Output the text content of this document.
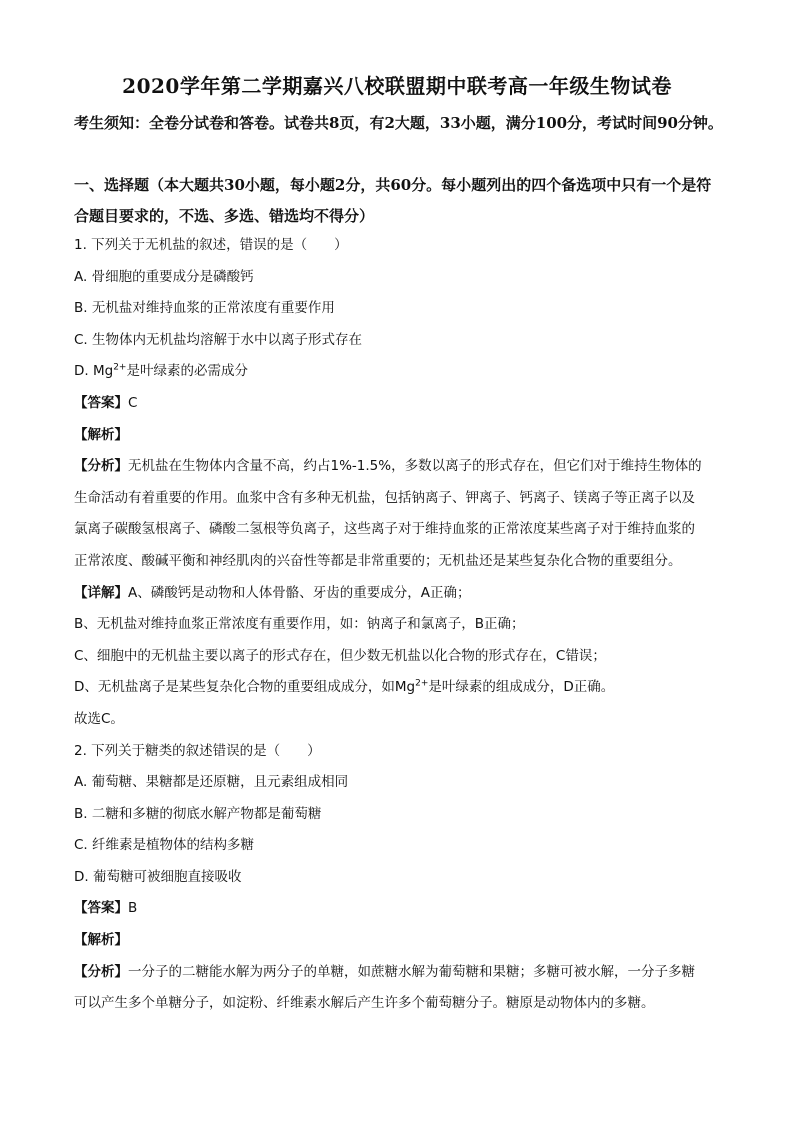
2020学年第二学期嘉兴八校联盟期中联考高一年级生物试卷
考生须知：全卷分试卷和答卷。试卷共8页，有2大题，33小题，满分100分，考试时间90分钟。
一、选择题（本大题共30小题，每小题2分，共60分。每小题列出的四个备选项中只有一个是符合题目要求的，不选、多选、错选均不得分）
1. 下列关于无机盐的叙述，错误的是（　　）
A. 骨细胞的重要成分是磷酸钙
B. 无机盐对维持血浆的正常浓度有重要作用
C. 生物体内无机盐均溶解于水中以离子形式存在
D. $Mg^{2+}$是叶绿素的必需成分
【答案】C
【解析】
【分析】无机盐在生物体内含量不高，约占1%-1.5%，多数以离子的形式存在，但它们对于维持生物体的
生命活动有着重要的作用。血浆中含有多种无机盐，包括钠离子、钾离子、钙离子、镁离子等正离子以及
氯离子碳酸氢根离子、磷酸二氢根等负离子，这些离子对于维持血浆的正常浓度某些离子对于维持血浆的
正常浓度、酸碱平衡和神经肌肉的兴奋性等都是非常重要的；无机盐还是某些复杂化合物的重要组分。
【详解】A、磷酸钙是动物和人体骨骼、牙齿的重要成分，A正确；
B、无机盐对维持血浆正常浓度有重要作用，如：钠离子和氯离子，B正确；
C、细胞中的无机盐主要以离子的形式存在，但少数无机盐以化合物的形式存在，C错误；
D、无机盐离子是某些复杂化合物的重要组成成分，如$Mg^{2+}$是叶绿素的组成成分，D正确。
故选C。
2. 下列关于糖类的叙述错误的是（　　）
A. 葡萄糖、果糖都是还原糖，且元素组成相同
B. 二糖和多糖的彻底水解产物都是葡萄糖
C. 纤维素是植物体的结构多糖
D. 葡萄糖可被细胞直接吸收
【答案】B
【解析】
【分析】一分子的二糖能水解为两分子的单糖，如蔗糖水解为葡萄糖和果糖；多糖可被水解，一分子多糖
可以产生多个单糖分子，如淀粉、纤维素水解后产生许多个葡萄糖分子。糖原是动物体内的多糖。
